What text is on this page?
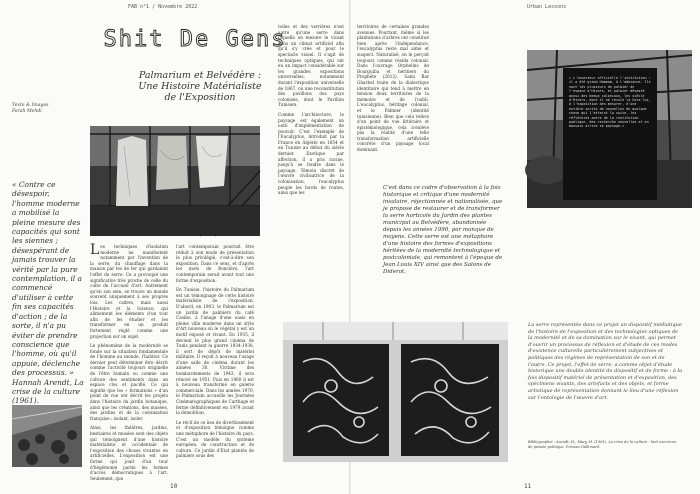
FAB n°1 / Novembre 2022	Urban Lessons
Shit De Gens
Palmarium et Belvédère :
Une Histoire Matérialiste
de l'Exposition
Texte & Images
Farah Mehdi
« L'insecteur officielle l'institution : il a été grand Hammam, à l'ambiance. Ils sont les plusieurs de palmier de l'espace d'Hivers, et palmier dévasté aussi des beaux coloniaux, les siècle d'Hivers, dont il ne recule la Gara lui, à l'exposition des mesurer, d'une entière sortie de nouvelles de quelque chose qui l'atteint la suite, les réfléchies autre de la restitution publique, des recherche nouvelles et en mauvais arrive ce paysage.»
« Contre ce désespoir, l'homme moderne a mobilisé la pleine mesure des capacités qui sont les siennes ; désespérant de jamais trouver la vérité par la pure contemplation, il a commencé d'utiliser à cette fin ses capacités d'action ; de la sorte, il n'a pu éviter de prendre conscience que l'homme, où qu'il appuie, déclenche des processus. » Hannah Arendt, La crise de la culture (1961).

Les techniques d'isolation moderne ne manifestent notamment par l'invention de la serre, du chauffage dans la maison par les de fer qui gardaient l'effet de serre. Ce a provoqué une significative très proche de celle du culte de l'accueil d'art. Autrement qu'en son sein, se trouve un monde souvent uniquement à ses propres lois. Les cadres, mais aussi l'Histoire et la Science, qui alimentent les éléments d'un tout afin de les étudier et les transformer en un produit fortement réglé comme une projection sur un sujet.

Le phénomène de la modernité se fonde sur la situation fondamentale de l'homme au monde, l'habiter. Ce dernier peut déterminer être décrit comme l'activité toujours originelle de l'être humain ou comme une culture des sentiments dans un espace clos et pacifié. Ce qui signifie que les « formations » d'un point de vue ont décrit les projets dans l'histoire du jardin botanique, ainsi que les créations, des musées, des jardins et de la colonisation française : isolant, isoler.

Ainsi, les théâtres, jardins, bestiaires et musées sont des objets qui témoignent d'une histoire matérialiste et occidentale de l'exposition des choses vivantes en artificielles. L'exposition est une forme qui jouit d'un tour d'hégémonie parmi les formes d'accès démocratiques à l'art. Seulement, que

l'art contemporain pourrait être réduit à son mode de présentation le plus privilégié, c'est-à-dire son exposition. Dans ce sens, et d'après les mots de Boncière, l'art contemporain serait avant tout une forme d'exposition.

En Tunisie, l'histoire du Palmarium est un témoignage de cette histoire matérialiste de l'exposition. D'abord, en 1903, le Palmarium est un jardin de palmiers du café Casino, à l'image d'une oasis en pleine ville moderne dans un style d'Art nouveau où le végétal y est un motif exposé et vivant. En 1935, il devient le plus grand cinéma de Tunis pendant la guerre 1934-1938, il sert de dépôt de matériel militaire. Il reçoit à nouveau l'usage d'une salle de cinéma durant les années 30. Victime des bombardements de 1943, il sera rénové en 1951. Puis en 1960 il est à nouveau transformé en galerie commerciale. Dans les années 1970, le Palmarium accueille les Journées Cinématographiques de Carthage et ferme définitivement en 1979 avant la démolition.

Le récit de ce lieu de divertissement et d'exposition témoigne comme une métaphore de l'histoire du pays. C'est un modèle du système européen, de construction et de culture. Ce jardin d'Etat plantés de palmiers sous des

toiles et des verrières n'est autre qu'une serre dans laquelle on mesure le vivant dans un climat artificiel afin qu'il s'y crée et pour le spectacle visuel. Il s'agit de techniques optiques, qui ont eu un impact considérable sur les grandes expositions universelles, notamment durant l'exposition universelle de 1867, où une reconstitution des pavillons des pays colonisés, dont le Pavillon Tunisien.

Comme l'architecture, le paysage est également un outil d'implémentation de pouvoir. C'est l'exemple de l'Eucalyptus, introduit par la France en Algérie en 1854 et en Tunisie au début du siècle dernier. Exotique par affection, il a pris racine, jusqu'à se fondre dans le paysage. Témoin discret de l'œuvre civilisatrice de la colonisation, l'eucalyptus peuple les bords de routes, ainsi que les

territoires de certaines grandes avenues. Pourtant, même si les plantations d'arbres ont constitué bien après l'indépendance, l'eucalyptus reste mal aimé et suspect. Naturalisé, on le perçoit toujours comme résidu colonial. Dans l'ouvrage Orphelins de Bourguiba et héritiers du Prophète (2012), Sami Bar Gharbel traite de la dialectique identitaire qui tend à mettre en tension deux territoires de la mémoire et de l'oubli. L'eucalyptus, héritage colonial, et le Palmier (identité tunisienne). Bien que cela relève d'un point de vue littéraire et épistémologique, cela n'enlève pas la réalité d'une telle transformation artificielle concrète d'un paysage local dominant.

C'est dans ce cadre d'observation à la fois historique et critique d'une modernité insulaire, réjectionnée et nationalisée, que je propose de restaurer et de transformer la serre horticole du Jardin des plantes municipal au Belvédère, abandonnée depuis les années 1990, par manque de moyens. Cette serre est une métaphore d'une histoire des formes d'expositions héritées de la modernité technologique et postcoloniale, qui remontent à l'époque de Jean Louis XIV ainsi que des Salons de Diderot.
La serre représentée dans ce projet un dispositif médiatique de l'histoire de l'exposition et des technologies optiques de la modernité et de sa domination sur le vivant, qui permet d'ouvrir un processus de réflexion et d'étude de ces modes d'existence culturelle particulièrement subjectives et politiques des régimes de représentation de son et de l'autre. Ce projet, l'effet de serre, a comme objet d'étude historique une double identité de dispositif et de forme : à la fois dispositif matériel de présentation et d'exposition, des spécimens vivants, des artefacts et des objets, et forme artistique de représentation donnant le lieu d'une réflexion sur l'ontologie de l'œuvre d'art.
Bibliographie : Arendt, H., Mary, H. (1961). La crise de la culture : huit exercices de pensée politique. Presses Gallimard.
10	11
